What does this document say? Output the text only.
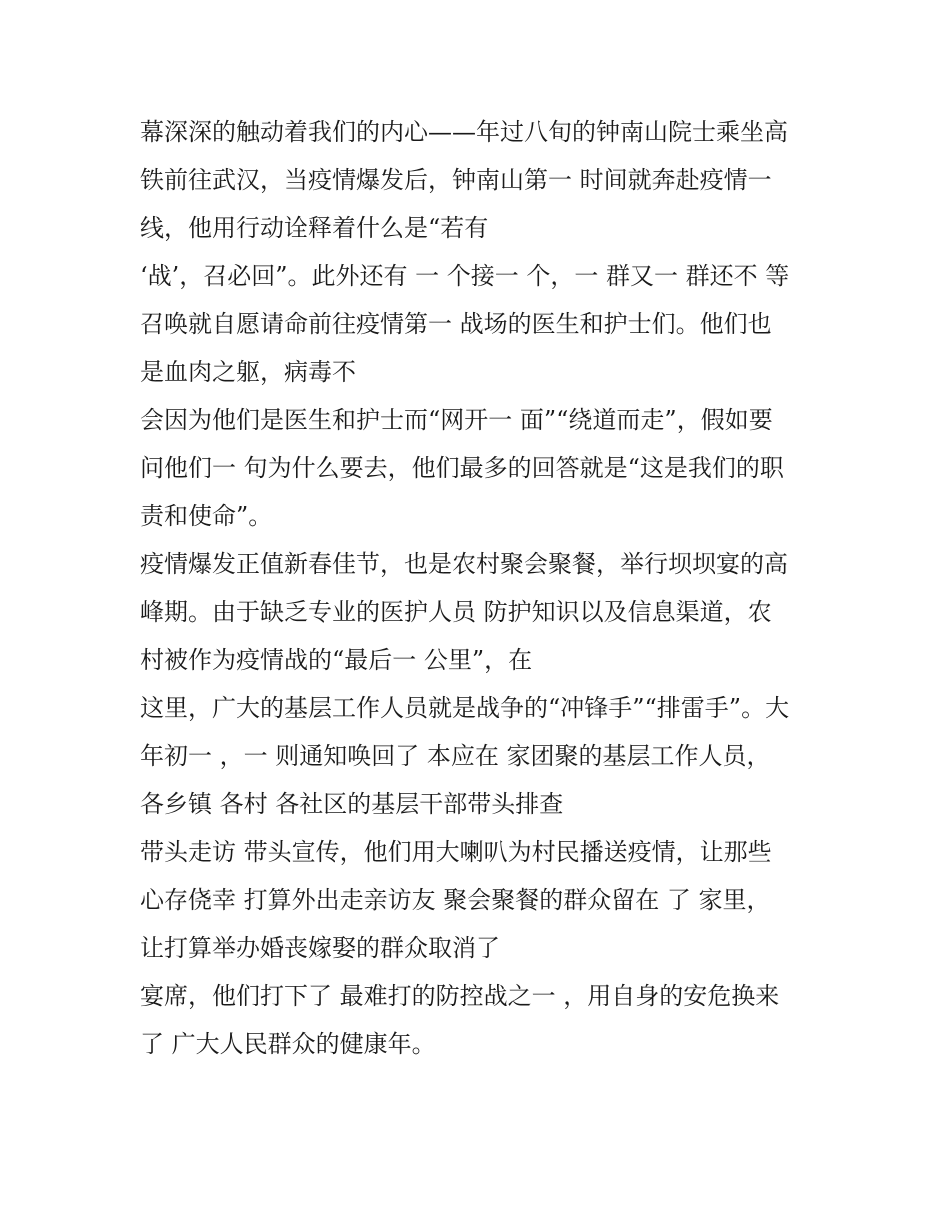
幕深深的触动着我们的内心——年过八旬的钟南山院士乘坐高
铁前往武汉，当疫情爆发后，钟南山第一 时间就奔赴疫情一
线，他用行动诠释着什么是“若有
‘战’，召必回”。此外还有 一 个接一 个，一 群又一 群还不 等
召唤就自愿请命前往疫情第一 战场的医生和护士们。他们也
是血肉之躯，病毒不
会因为他们是医生和护士而“网开一 面”“绕道而走”，假如要
问他们一 句为什么要去，他们最多的回答就是“这是我们的职
责和使命”。
疫情爆发正值新春佳节，也是农村聚会聚餐，举行坝坝宴的高
峰期。由于缺乏专业的医护人员 防护知识以及信息渠道，农
村被作为疫情战的“最后一 公里”，在
这里，广大的基层工作人员就是战争的“冲锋手”“排雷手”。大
年初一 ，一 则通知唤回了 本应在 家团聚的基层工作人员，
各乡镇 各村 各社区的基层干部带头排查
带头走访 带头宣传，他们用大喇叭为村民播送疫情，让那些
心存侥幸 打算外出走亲访友 聚会聚餐的群众留在 了 家里，
让打算举办婚丧嫁娶的群众取消了
宴席，他们打下了 最难打的防控战之一 ，用自身的安危换来
了 广大人民群众的健康年。
